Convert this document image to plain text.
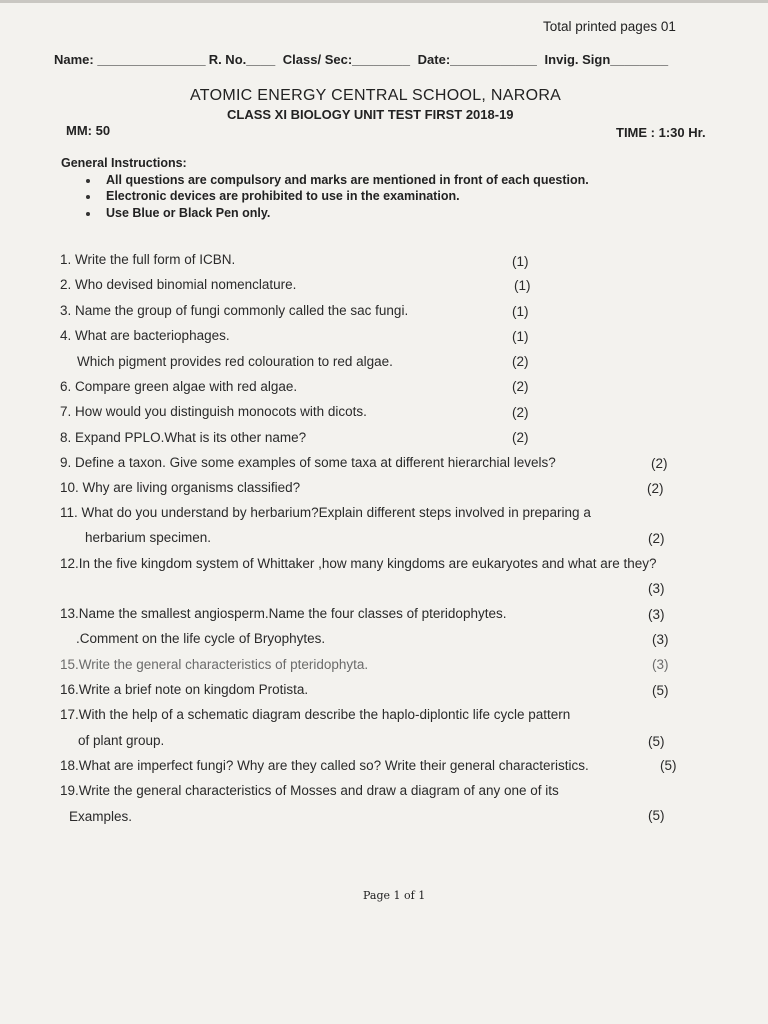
Total printed pages 01
Name: ________________ R. No.____ Class/ Sec:________ Date:____________ Invig. Sign________
ATOMIC ENERGY CENTRAL SCHOOL, NARORA
CLASS XI BIOLOGY UNIT TEST FIRST 2018-19
MM: 50	TIME : 1:30 Hr.
General Instructions:
All questions are compulsory and marks are mentioned in front of each question.
Electronic devices are prohibited to use in the examination.
Use Blue or Black Pen only.
1. Write the full form of ICBN.	(1)
2. Who devised binomial nomenclature.	(1)
3. Name the group of fungi commonly called the sac fungi.	(1)
4. What are bacteriophages.	(1)
Which pigment provides red colouration to red algae.	(2)
6. Compare green algae with red algae.	(2)
7. How would you distinguish monocots with dicots.	(2)
8. Expand PPLO.What is its other name?	(2)
9. Define a taxon. Give some examples of some taxa at different hierarchial levels?	(2)
10. Why are living organisms classified?	(2)
11. What do you understand by herbarium?Explain different steps involved in preparing a
herbarium specimen.	(2)
12.In the five kingdom system of Whittaker ,how many kingdoms are eukaryotes and what are they?
(3)
13.Name the smallest angiosperm.Name the four classes of pteridophytes.	(3)
.Comment on the life cycle of Bryophytes.	(3)
15.Write the general characteristics of pteridophyta.	(3)
16.Write a brief note on kingdom Protista.	(5)
17.With the help of a schematic diagram describe the haplo-diplontic life cycle pattern
of plant group.	(5)
18.What are imperfect fungi? Why are they called so? Write their general characteristics.	(5)
19.Write the general characteristics of Mosses and draw a diagram of any one of its
Examples.	(5)
Page 1 of 1
